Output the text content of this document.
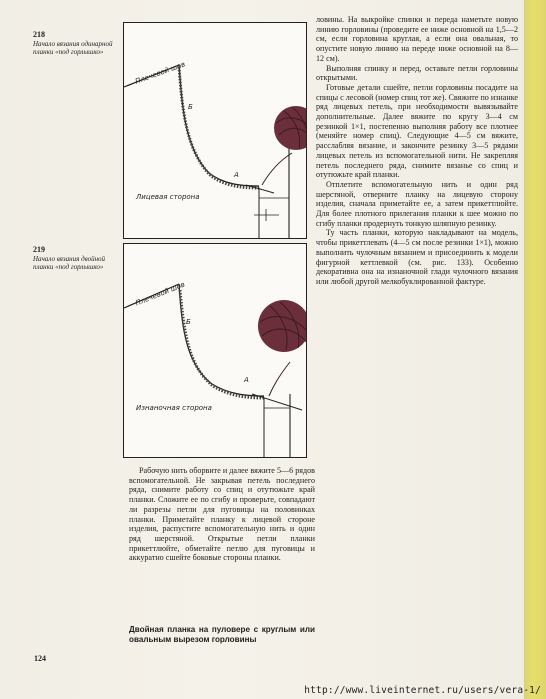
218
Начало вязания одинарной планки «под горлышко»
Плечевой шов
Б
А
Лицевая сторона
219
Начало вязания двойной планки «под горлышко»
Плечевой шов
Б
А
Изнаночная сторона

ловины. На выкройке спинки и переда наметьте новую линию горловины (проведите ее ниже основной на 1,5—2 см, если горловина круглая, а если она овальная, то опустите новую линию на переде ниже основной на 8—12 см).

Выполняя спинку и перед, оставьте петли горловины открытыми.

Готовые детали сшейте, петли горловины посадите на спицы с лесовой (номер спиц тот же). Свяжите по изнанке ряд лицевых петель, при необходимости вывязывайте дополнительные. Далее вяжите по кругу 3—4 см резинкой 1×1, постепенно выполняя работу все плотнее (меняйте номер спиц). Следующие 4—5 см вяжите, расслабляя вязание, и закончите резинку 3—5 рядами лицевых петель из вспомогательной нити. Не закрепляя петель последнего ряда, снимите вязанье со спиц и отутюжьте край планки.

Отплетите вспомогательную нить и один ряд шерстяной, отверните планку на лицевую сторону изделия, сначала приметайте ее, а затем прикеттлюйте. Для более плотного прилегания планки к шее можно по сгибу планки продернуть тонкую шляпную резинку.

Ту часть планки, которую накладывают на модель, чтобы прикеттлевать (4—5 см после резинки 1×1), можно выполнить чулочным вязанием и присоединить к модели фигурной кеттлевкой (см. рис. 133). Особенно декоративна она на изнаночной глади чулочного вязания или любой другой мелкобуклированной фактуре.

Рабочую нить оборвите и далее вяжите 5—6 рядов вспомогательной. Не закрывая петель последнего ряда, снимите работу со спиц и отутюжьте край планки. Сложите ее по сгибу и проверьте, совпадают ли разрезы петли для пуговицы на половинках планки. Приметайте планку к лицевой стороне изделия, распустите вспомогательную нить и один ряд шерстяной. Открытые петли планки прикеттлюйте, обметайте петлю для пуговицы и аккуратно сшейте боковые стороны планки.

Двойная планка на пуловере с круглым или овальным вырезом горловины
124
http://www.liveinternet.ru/users/vera-1/
